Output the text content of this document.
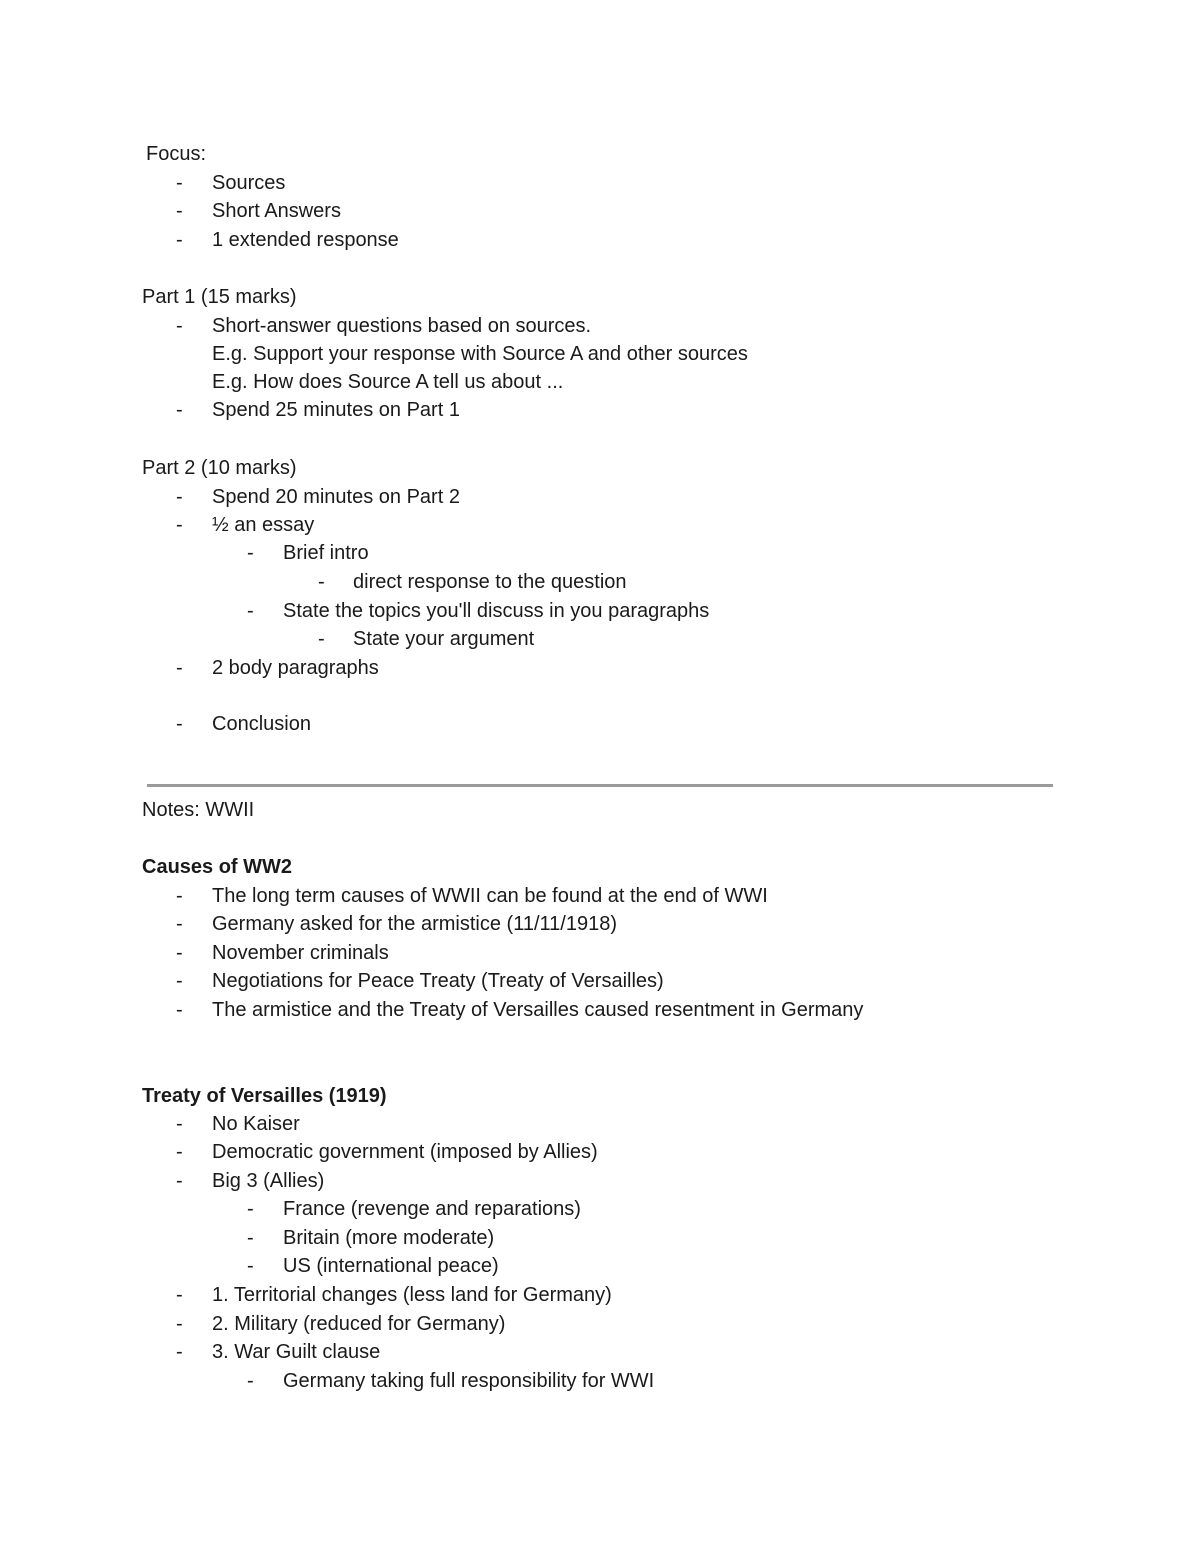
Focus:
- Sources
- Short Answers
- 1 extended response
Part 1 (15 marks)
- Short-answer questions based on sources.
E.g. Support your response with Source A and other sources
E.g. How does Source A tell us about ...
- Spend 25 minutes on Part 1
Part 2 (10 marks)
- Spend 20 minutes on Part 2
- ½ an essay
- Brief intro
- direct response to the question
- State the topics you'll discuss in you paragraphs
- State your argument
- 2 body paragraphs
- Conclusion
Notes: WWII
Causes of WW2
- The long term causes of WWII can be found at the end of WWI
- Germany asked for the armistice (11/11/1918)
- November criminals
- Negotiations for Peace Treaty (Treaty of Versailles)
- The armistice and the Treaty of Versailles caused resentment in Germany
Treaty of Versailles (1919)
- No Kaiser
- Democratic government (imposed by Allies)
- Big 3 (Allies)
- France (revenge and reparations)
- Britain (more moderate)
- US (international peace)
- 1. Territorial changes (less land for Germany)
- 2. Military (reduced for Germany)
- 3. War Guilt clause
- Germany taking full responsibility for WWI
